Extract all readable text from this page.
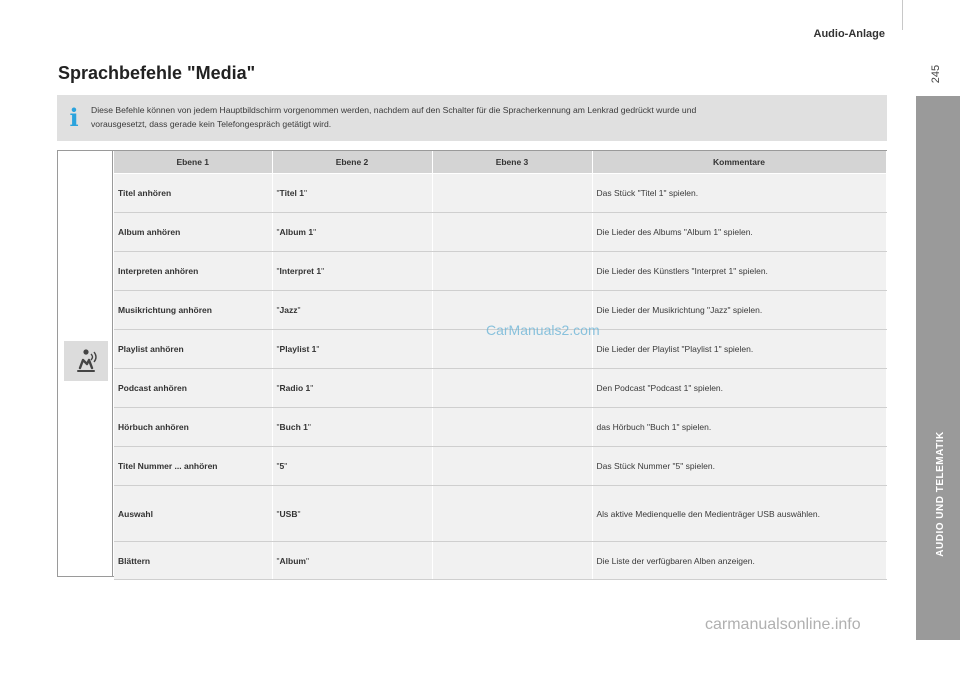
Audio-Anlage
245
AUDIO UND TELEMATIK
10
Sprachbefehle "Media"
i Diese Befehle können von jedem Hauptbildschirm vorgenommen werden, nachdem auf den Schalter für die Spracherkennung am Lenkrad gedrückt wurde und
vorausgesetzt, dass gerade kein Telefongespräch getätigt wird.
Ebene 1	Ebene 2	Ebene 3	Kommentare
Titel anhören	"Titel 1"		Das Stück "Titel 1" spielen.
Album anhören	"Album 1"		Die Lieder des Albums "Album 1" spielen.
Interpreten anhören	"Interpret 1"		Die Lieder des Künstlers "Interpret 1" spielen.
Musikrichtung anhören	"Jazz"		Die Lieder der Musikrichtung "Jazz" spielen.
Playlist anhören	"Playlist 1"		Die Lieder der Playlist "Playlist 1" spielen.
Podcast anhören	"Radio 1"		Den Podcast "Podcast 1" spielen.
Hörbuch anhören	"Buch 1"		das Hörbuch "Buch 1" spielen.
Titel Nummer ... anhören	"5"		Das Stück Nummer "5" spielen.
Auswahl	"USB"		Als aktive Medienquelle den Medienträger USB auswählen.
Blättern	"Album"		Die Liste der verfügbaren Alben anzeigen.
CarManuals2.com
carmanualsonline.info
